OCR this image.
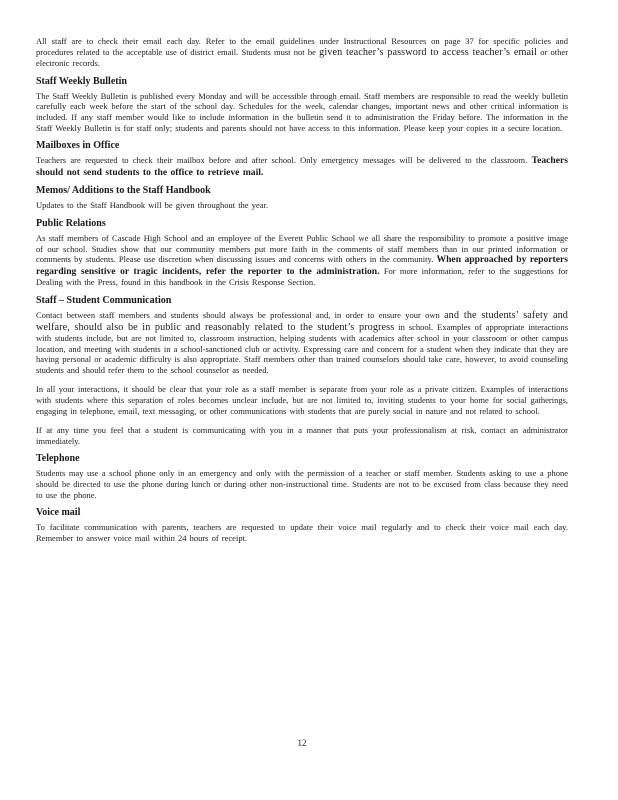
All staff are to check their email each day. Refer to the email guidelines under Instructional Resources on page 37 for specific policies and procedures related to the acceptable use of district email. Students must not be given teacher’s password to access teacher’s email or other electronic records.

Staff Weekly Bulletin

The Staff Weekly Bulletin is published every Monday and will be accessible through email. Staff members are responsible to read the weekly bulletin carefully each week before the start of the school day. Schedules for the week, calendar changes, important news and other critical information is included. If any staff member would like to include information in the bulletin send it to administration the Friday before. The information in the Staff Weekly Bulletin is for staff only; students and parents should not have access to this information. Please keep your copies in a secure location.

Mailboxes in Office

Teachers are requested to check their mailbox before and after school. Only emergency messages will be delivered to the classroom. Teachers should not send students to the office to retrieve mail.

Memos/ Additions to the Staff Handbook

Updates to the Staff Handbook will be given throughout the year.

Public Relations

As staff members of Cascade High School and an employee of the Everett Public School we all share the responsibility to promote a positive image of our school. Studies show that our community members put more faith in the comments of staff members than in our printed information or comments by students. Please use discretion when discussing issues and concerns with others in the community. When approached by reporters regarding sensitive or tragic incidents, refer the reporter to the administration. For more information, refer to the suggestions for Dealing with the Press, found in this handbook in the Crisis Response Section.

Staff – Student Communication

Contact between staff members and students should always be professional and, in order to ensure your own and the students’ safety and welfare, should also be in public and reasonably related to the student’s progress in school. Examples of appropriate interactions with students include, but are not limited to, classroom instruction, helping students with academics after school in your classroom or other campus location, and meeting with students in a school-sanctioned club or activity. Expressing care and concern for a student when they indicate that they are having personal or academic difficulty is also appropriate. Staff members other than trained counselors should take care, however, to avoid counseling students and should refer them to the school counselor as needed.

In all your interactions, it should be clear that your role as a staff member is separate from your role as a private citizen. Examples of interactions with students where this separation of roles becomes unclear include, but are not limited to, inviting students to your home for social gatherings, engaging in telephone, email, text messaging, or other communications with students that are purely social in nature and not related to school.

If at any time you feel that a student is communicating with you in a manner that puts your professionalism at risk, contact an administrator immediately.

Telephone

Students may use a school phone only in an emergency and only with the permission of a teacher or staff member. Students asking to use a phone should be directed to use the phone during lunch or during other non-instructional time. Students are not to be excused from class because they need to use the phone.

Voice mail

To facilitate communication with parents, teachers are requested to update their voice mail regularly and to check their voice mail each day. Remember to answer voice mail within 24 hours of receipt.

12
